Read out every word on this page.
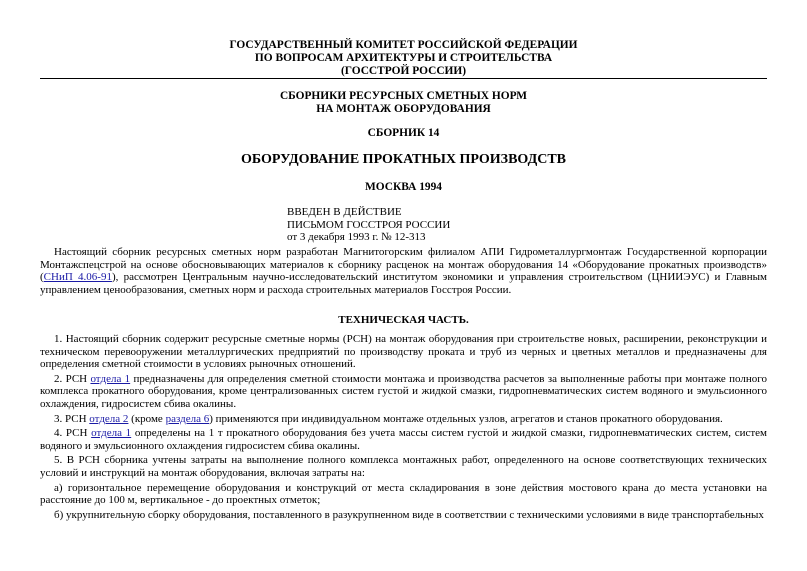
ГОСУДАРСТВЕННЫЙ КОМИТЕТ РОССИЙСКОЙ ФЕДЕРАЦИИ
ПО ВОПРОСАМ АРХИТЕКТУРЫ И СТРОИТЕЛЬСТВА
(ГОССТРОЙ РОССИИ)
СБОРНИКИ РЕСУРСНЫХ СМЕТНЫХ НОРМ
НА МОНТАЖ ОБОРУДОВАНИЯ
СБОРНИК 14
ОБОРУДОВАНИЕ ПРОКАТНЫХ ПРОИЗВОДСТВ
МОСКВА 1994
ВВЕДЕН В ДЕЙСТВИЕ
ПИСЬМОМ ГОССТРОЯ РОССИИ
от 3 декабря 1993 г. № 12-313

Настоящий сборник ресурсных сметных норм разработан Магнитогорским филиалом АПИ Гидрометаллургмонтаж Государственной корпорации Монтажспецстрой на основе обосновывающих материалов к сборнику расценок на монтаж оборудования 14 «Оборудование прокатных производств» (СНиП 4.06-91), рассмотрен Центральным научно-исследовательский институтом экономики и управления строительством (ЦНИИЭУС) и Главным управлением ценообразования, сметных норм и расхода строительных материалов Госстроя России.

ТЕХНИЧЕСКАЯ ЧАСТЬ.

1. Настоящий сборник содержит ресурсные сметные нормы (РСН) на монтаж оборудования при строительстве новых, расширении, реконструкции и техническом перевооружении металлургических предприятий по производству проката и труб из черных и цветных металлов и предназначены для определения сметной стоимости в условиях рыночных отношений.

2. РСН отдела 1 предназначены для определения сметной стоимости монтажа и производства расчетов за выполненные работы при монтаже полного комплекса прокатного оборудования, кроме централизованных систем густой и жидкой смазки, гидропневматических систем водяного и эмульсионного охлаждения, гидросистем сбива окалины.

3. РСН отдела 2 (кроме раздела 6) применяются при индивидуальном монтаже отдельных узлов, агрегатов и станов прокатного оборудования.

4. РСН отдела 1 определены на 1 т прокатного оборудования без учета массы систем густой и жидкой смазки, гидропневматических систем, систем водяного и эмульсионного охлаждения гидросистем сбива окалины.

5. В РСН сборника учтены затраты на выполнение полного комплекса монтажных работ, определенного на основе соответствующих технических условий и инструкций на монтаж оборудования, включая затраты на:

а) горизонтальное перемещение оборудования и конструкций от места складирования в зоне действия мостового крана до места установки на расстояние до 100 м, вертикальное - до проектных отметок;

б) укрупнительную сборку оборудования, поставленного в разукрупненном виде в соответствии с техническими условиями в виде транспортабельных
